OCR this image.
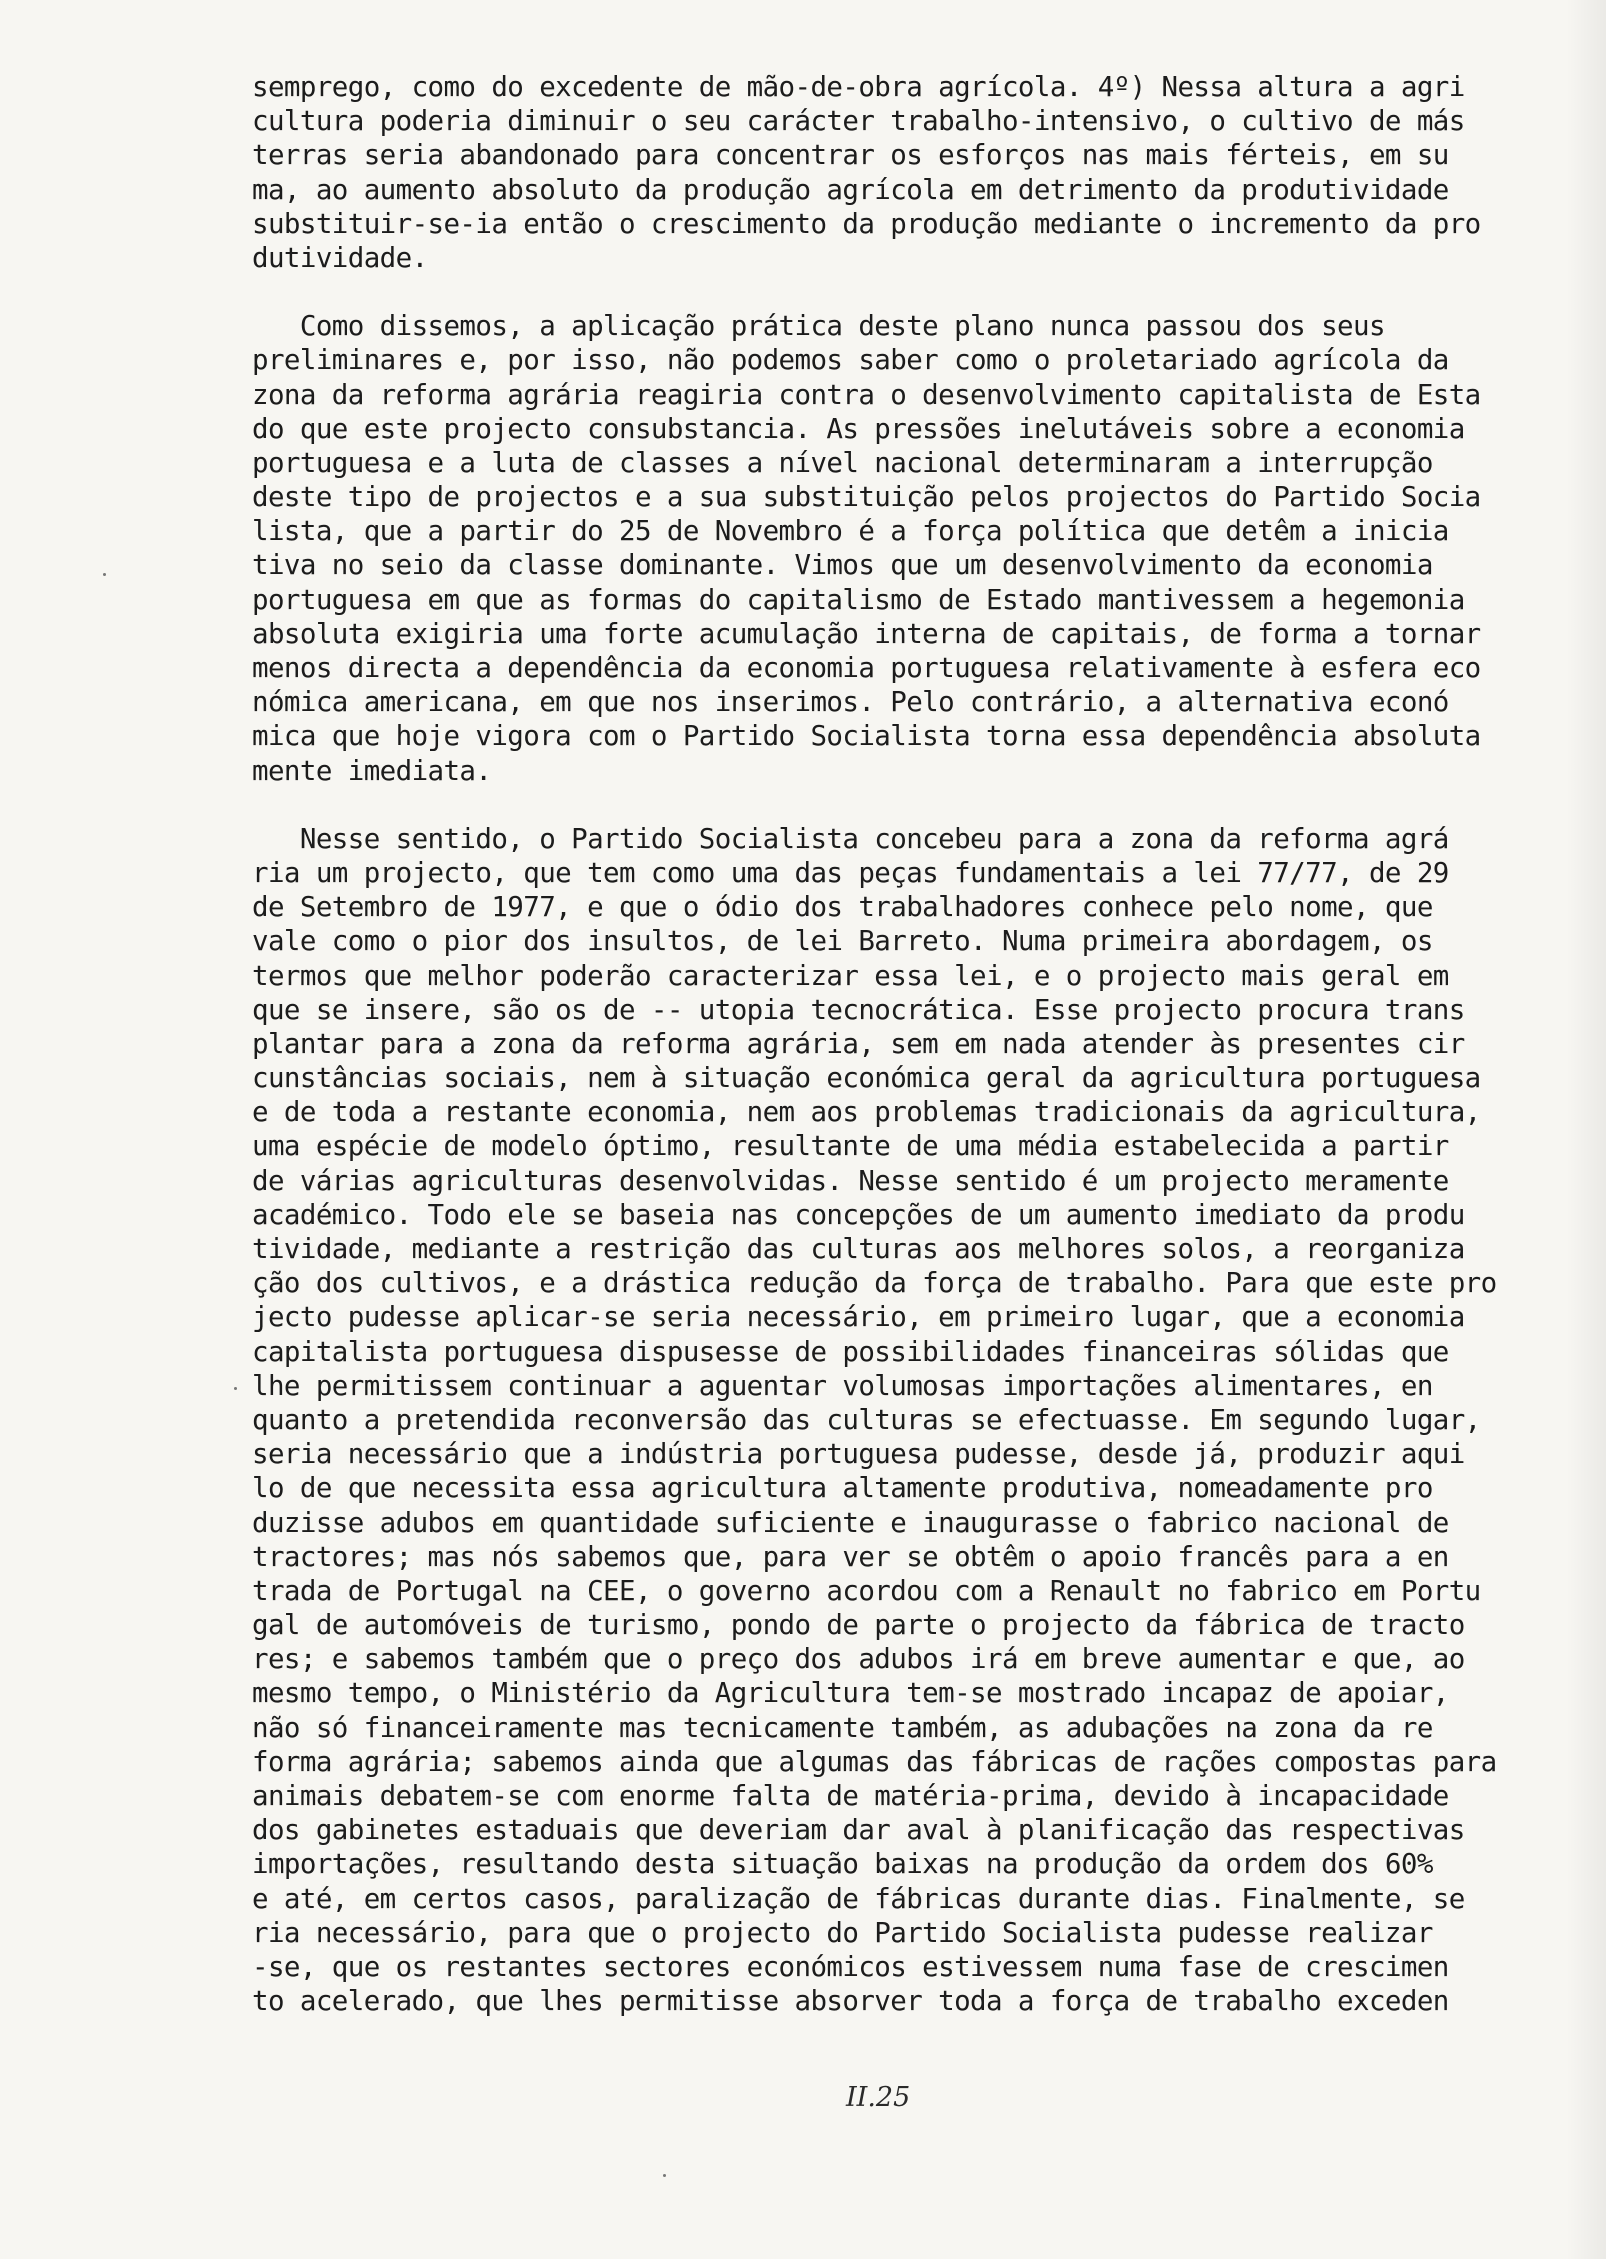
semprego, como do excedente de mão-de-obra agrícola. 4º) Nessa altura a agri
cultura poderia diminuir o seu carácter trabalho-intensivo, o cultivo de más
terras seria abandonado para concentrar os esforços nas mais férteis, em su
ma, ao aumento absoluto da produção agrícola em detrimento da produtividade
substituir-se-ia então o crescimento da produção mediante o incremento da pro
dutividade.
Como dissemos, a aplicação prática deste plano nunca passou dos seus
preliminares e, por isso, não podemos saber como o proletariado agrícola da
zona da reforma agrária reagiria contra o desenvolvimento capitalista de Esta
do que este projecto consubstancia. As pressões inelutáveis sobre a economia
portuguesa e a luta de classes a nível nacional determinaram a interrupção
deste tipo de projectos e a sua substituição pelos projectos do Partido Socia
lista, que a partir do 25 de Novembro é a força política que detêm a inicia
tiva no seio da classe dominante. Vimos que um desenvolvimento da economia
portuguesa em que as formas do capitalismo de Estado mantivessem a hegemonia
absoluta exigiria uma forte acumulação interna de capitais, de forma a tornar
menos directa a dependência da economia portuguesa relativamente à esfera eco
nómica americana, em que nos inserimos. Pelo contrário, a alternativa econó
mica que hoje vigora com o Partido Socialista torna essa dependência absoluta
mente imediata.
Nesse sentido, o Partido Socialista concebeu para a zona da reforma agrá
ria um projecto, que tem como uma das peças fundamentais a lei 77/77, de 29
de Setembro de 1977, e que o ódio dos trabalhadores conhece pelo nome, que
vale como o pior dos insultos, de lei Barreto. Numa primeira abordagem, os
termos que melhor poderão caracterizar essa lei, e o projecto mais geral em
que se insere, são os de -- utopia tecnocrática. Esse projecto procura trans
plantar para a zona da reforma agrária, sem em nada atender às presentes cir
cunstâncias sociais, nem à situação económica geral da agricultura portuguesa
e de toda a restante economia, nem aos problemas tradicionais da agricultura,
uma espécie de modelo óptimo, resultante de uma média estabelecida a partir
de várias agriculturas desenvolvidas. Nesse sentido é um projecto meramente
académico. Todo ele se baseia nas concepções de um aumento imediato da produ
tividade, mediante a restrição das culturas aos melhores solos, a reorganiza
ção dos cultivos, e a drástica redução da força de trabalho. Para que este pro
jecto pudesse aplicar-se seria necessário, em primeiro lugar, que a economia
capitalista portuguesa dispusesse de possibilidades financeiras sólidas que
lhe permitissem continuar a aguentar volumosas importações alimentares, en
quanto a pretendida reconversão das culturas se efectuasse. Em segundo lugar,
seria necessário que a indústria portuguesa pudesse, desde já, produzir aqui
lo de que necessita essa agricultura altamente produtiva, nomeadamente pro
duzisse adubos em quantidade suficiente e inaugurasse o fabrico nacional de
tractores; mas nós sabemos que, para ver se obtêm o apoio francês para a en
trada de Portugal na CEE, o governo acordou com a Renault no fabrico em Portu
gal de automóveis de turismo, pondo de parte o projecto da fábrica de tracto
res; e sabemos também que o preço dos adubos irá em breve aumentar e que, ao
mesmo tempo, o Ministério da Agricultura tem-se mostrado incapaz de apoiar,
não só financeiramente mas tecnicamente também, as adubações na zona da re
forma agrária; sabemos ainda que algumas das fábricas de rações compostas para
animais debatem-se com enorme falta de matéria-prima, devido à incapacidade
dos gabinetes estaduais que deveriam dar aval à planificação das respectivas
importações, resultando desta situação baixas na produção da ordem dos 60%
e até, em certos casos, paralização de fábricas durante dias. Finalmente, se
ria necessário, para que o projecto do Partido Socialista pudesse realizar
-se, que os restantes sectores económicos estivessem numa fase de crescimen
to acelerado, que lhes permitisse absorver toda a força de trabalho exceden
II.25
